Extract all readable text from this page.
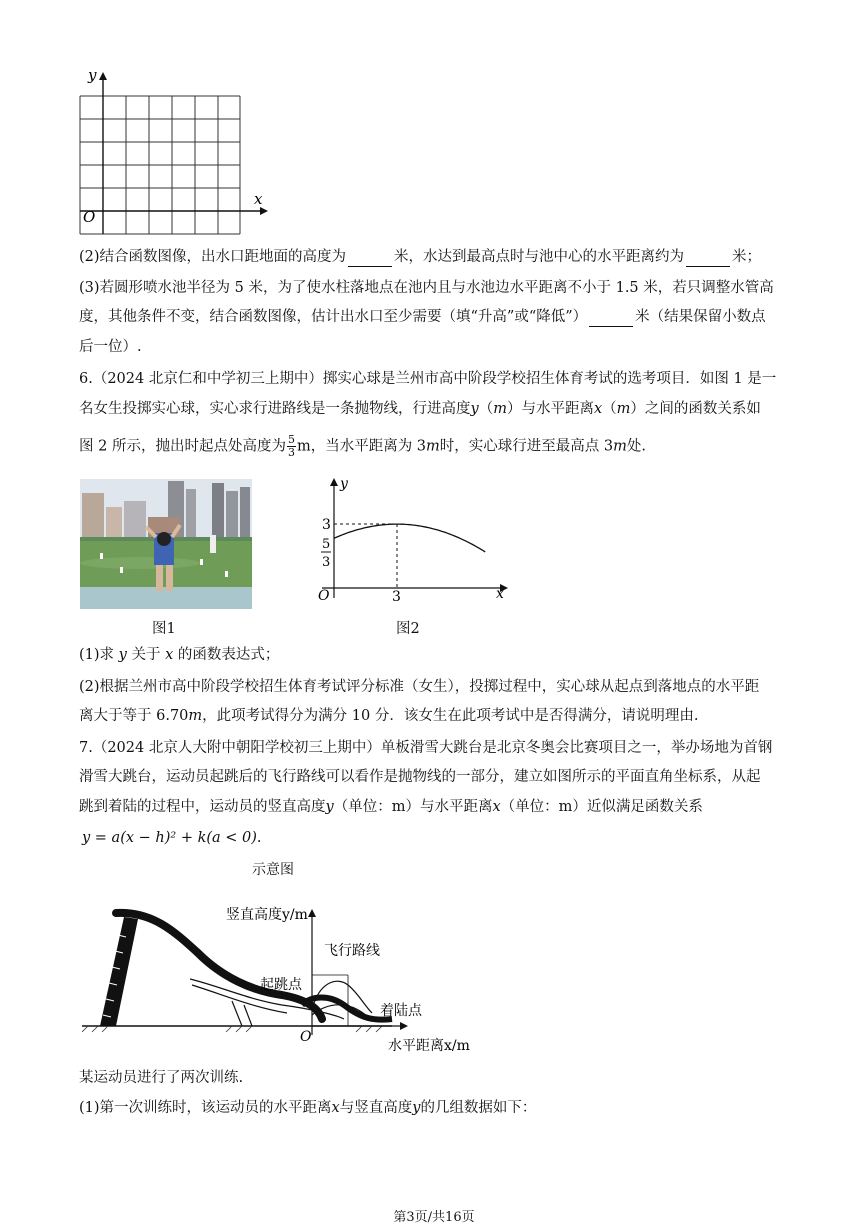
y
x
O
(2)结合函数图像，出水口距地面的高度为	米，水达到最高点时与池中心的水平距离约为	米；
(3)若圆形喷水池半径为 5 米，为了使水柱落地点在池内且与水池边水平距离不小于 1.5 米，若只调整水管高
度，其他条件不变，结合函数图像，估计出水口至少需要（填“升高”或“降低”）	米（结果保留小数点
后一位）.
6.（2024 北京仁和中学初三上期中）掷实心球是兰州市高中阶段学校招生体育考试的选考项目．如图 1 是一
名女生投掷实心球，实心求行进路线是一条抛物线，行进高度y（m）与水平距离x（m）之间的函数关系如
图 2 所示，抛出时起点处高度为 $\frac{5}{3}$ m，当水平距离为 3m时，实心球行进至最高点 3m处.
图1
y
x
O
3
5
3
3
图2
(1)求 y 关于 x 的函数表达式；
(2)根据兰州市高中阶段学校招生体育考试评分标准（女生），投掷过程中，实心球从起点到落地点的水平距
离大于等于 6.70m，此项考试得分为满分 10 分．该女生在此项考试中是否得满分，请说明理由.
7.（2024 北京人大附中朝阳学校初三上期中）单板滑雪大跳台是北京冬奥会比赛项目之一，举办场地为首钢
滑雪大跳台，运动员起跳后的飞行路线可以看作是抛物线的一部分，建立如图所示的平面直角坐标系，从起
跳到着陆的过程中，运动员的竖直高度y（单位：m）与水平距离x（单位：m）近似满足函数关系
y = a(x − h)² + k(a < 0).
示意图
竖直高度y/m
飞行路线
起跳点
着陆点
O
水平距离x/m
某运动员进行了两次训练.
(1)第一次训练时，该运动员的水平距离x与竖直高度y的几组数据如下：
第3页/共16页
